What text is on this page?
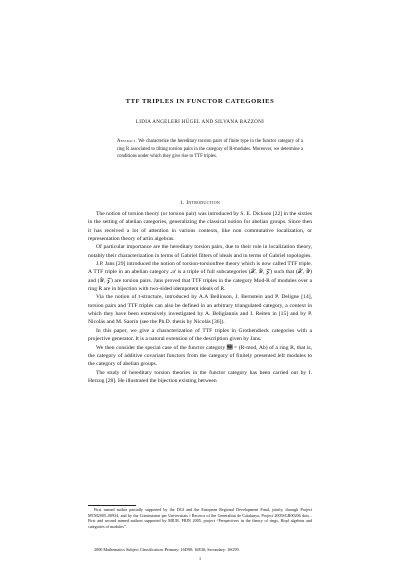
TTF TRIPLES IN FUNCTOR CATEGORIES
LIDIA ANGELERI HÜGEL AND SILVANA BAZZONI
Abstract. We characterize the hereditary torsion pairs of finite type in the functor category of a ring R associated to tilting torsion pairs in the category of R-modules. Moreover, we determine a conditions under which they give rise to TTF triples.
1. Introduction

The notion of torsion theory (or torsion pair) was introduced by S. E. Dickson [22] in the sixties in the setting of abelian categories, generalizing the classical notion for abelian groups. Since then it has received a lot of attention in various contexts, like non commutative localization, or representation theory of artin algebras.

Of particular importance are the hereditary torsion pairs, due to their role in localization theory, notably their characterization in terms of Gabriel filters of ideals and in terms of Gabriel topologies.

J.P. Jans [29] introduced the notion of torsion-torsionfree theory which is now called TTF triple. A TTF triple in an abelian category 𝒜 is a triple of full subcategories (𝒳, 𝒴, 𝒵) such that (𝒳, 𝒴) and (𝒴, 𝒵) are torsion pairs. Jans proved that TTF triples in the category Mod-R of modules over a ring R are in bijection with two-sided idempotent ideals of R.

Via the notion of t-structure, introduced by A.A Beilinson, J. Bernstein and P. Deligne [14], torsion pairs and TTF triples can also be defined in an arbitrary triangulated category, a context in which they have been extensively investigated by A. Beligiannis and I. Reiten in [15] and by P. Nicolás and M. Saorín (see the Ph.D. thesis by Nicolás [36]).

In this paper, we give a characterization of TTF triples in Grothendieck categories with a projective generator. It is a natural extension of the description given by Jans.

We then consider the special case of the functor category 𝔆 = (R-mod, Ab) of a ring R, that is, the category of additive covariant functors from the category of finitely presented left modules to the category of abelian groups.

The study of hereditary torsion theories in the functor category has been carried out by I. Herzog [28]. He illustrated the bijection existing between

First named author partially supported by the DGI and the European Regional Development Fund, jointly, through Project MTM2005–00934, and by the Comissionat per Universitats i Recerca of the Generalitat de Catalunya, Project 2005SGR00206 dots... First and second named authors supported by MIUR, PRIN 2005, project “Perspectives in the theory of rings, Hopf algebras and categories of modules”.

2000 Mathematics Subject Classification. Primary: 16D90; 16E30; Secondary: 16G99.
1
